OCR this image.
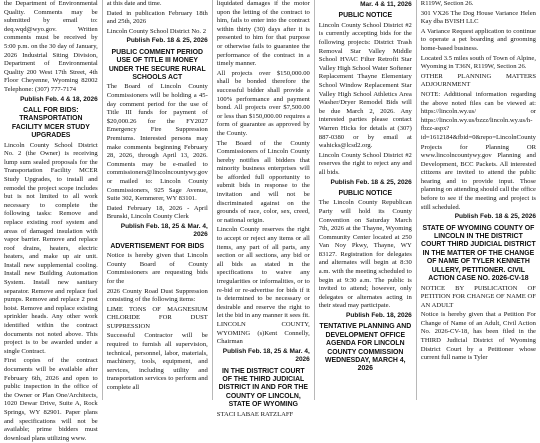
the Department of Environmental Quality. Comments may be submitted by email to: deq.wqd@wyo.gov. Written comments must be received by 5:00 p.m. on the 30 day of January, 2026 Industrial Siting Division, Department of Environmental Quality 200 West 17th Street, 4th Floor Cheyenne, Wyoming 82002 Telephone: (307) 777-7174

Publish Feb. 4 & 18, 2026
CALL FOR BIDS: TRANSPORTATION FACILITY MCER STUDY UPGRADES

Lincoln County School District No. 2 (the Owner) is receiving lump sum sealed proposals for the Transportation Facility MCER Study Upgrades, to install and remodel the project scope includes but is not limited to all work necessary to complete the following tasks: Remove and replace existing roof system and areas of damaged insulation with vapor barrier. Remove and replace roof drains, heaters, electric heaters, and make up air unit. Install new supplemental cooling. Install new Building Automation System. Install new sanitary separator. Remove and replace fuel pumps. Remove and replace 2 post hoist. Remove and replace existing sprinkler heads. Any other work identified within the contract documents not noted above. This project is to be awarded under a single Contract.

First copies of the contract documents will be available after February 6th, 2026 and open to public inspection in the office of the Owner or Plan One/Architects, 1020 Dewar Drive, Suite A, Rock Springs, WY 82901. Paper plans and specifications will not be available; prime bidders must download plans utilizing www.

at this date and time.

Dated in publication February 18th and 25th, 2026

Lincoln County School District No. 2

Publish Feb. 18 & 25, 2026
PUBLIC COMMENT PERIOD USE OF TITLE III MONEY UNDER THE SECURE RURAL SCHOOLS ACT

The Board of Lincoln County Commissioners will be holding a 45-day comment period for the use of Title III funds for payment of $20,000.26 for the FY2027 Emergency Fire Suppression Premiums. Interested persons may make comments beginning February 28, 2026, through April 13, 2026. Comments may be e-mailed to commissioners@lincolncountywy.gov or mailed to: Lincoln County Commissioners, 925 Sage Avenue, Suite 302, Kemmerer, WY 83101.

Dated February 18, 2026 - April Brunski, Lincoln County Clerk

Publish Feb. 18, 25 & Mar. 4, 2026
ADVERTISEMENT FOR BIDS

Notice is hereby given that Lincoln County Board of County Commissioners are requesting bids for the

2026 County Road Dust Suppression consisting of the following items:

LIME TONS OF MAGNESIUM CHLORIDE FOR DUST SUPPRESSION

Successful Contractor will be required to furnish all supervision, technical, personnel, labor, materials, machinery, tools, equipment, and services, including utility and transportation services to perform and complete all

liquidated damages if the motor upon the letting of the contract to him, fails to enter into the contract within thirty (30) days after it is presented to him for that purpose or otherwise fails to guarantee the performance of the contract in a timely manner.

All projects over $150,000.00 shall be bonded therefore the successful bidder shall provide a 100% performance and payment bond. All projects over $7,500.00 or less than $150,000.00 requires a form of guarantee as approved by the County.

The Board of the County Commissioners of Lincoln County hereby notifies all bidders that minority business enterprises will be afforded full opportunity to submit bids in response to the invitation and will not be discriminated against on the grounds of race, color, sex, creed, or national origin.

Lincoln County reserves the right to accept or reject any items or all items, any part of all parts, any section or all sections, any bid or all bids as stated in the specifications to waive any irregularities or informalities, or to re-bid or re-advertise for bids if it is determined to be necessary or desirable and reserve the right to let the bid in any manner it sees fit. LINCOLN COUNTY, WYOMING (s)Kent Connelly, Chairman

Publish Feb. 18, 25 & Mar. 4, 2026
IN THE DISTRICT COURT OF THE THIRD JUDICIAL DISTRICT IN AND FOR THE COUNTY OF LINCOLN, STATE OF WYOMING

STACI LABAE RATZLAFF

Mar. 4 & 11, 2026
PUBLIC NOTICE

Lincoln County School District #2 is currently accepting bids for the following projects: District Trash Removal Star Valley Middle School HVAC Filter Retrofit Star Valley High School Water Softener Replacement Thayne Elementary School Window Replacement Star Valley High School Athletics Area Washer/Dryer Remodel Bids will be due March 2, 2026. Any interested parties please contact Warren Hicks for details at (307) 887-0380 or by email at wahicks@lcsd2.org.

Lincoln County School District #2 reserves the right to reject any and all bids.

Publish Feb. 18 & 25, 2026
PUBLIC NOTICE

The Lincoln County Republican Party will hold its County Convention on Saturday March 7th, 2026 at the Thayne, Wyoming Community Center located at 250 Van Noy Pkwy, Thayne, WY 83127. Registration for delegates and alternates will begin at 8:30 a.m. with the meeting scheduled to begin at 9:30 a.m. The public is invited to attend; however, only delegates or alternates acting in their stead may participate.

Publish Feb. 18, 2026
TENTATIVE PLANNING AND DEVELOPMENT OFFICE AGENDA FOR LINCOLN COUNTY COMMISSION WEDNESDAY, MARCH 4, 2026

R119W, Section 26.

301 VX26 The Dog House Variance Helen Kay dba BVISH LLC

A Variance Request application to continue to operate a pet boarding and grooming home-based business.

Located 3.5 miles south of Town of Alpine, Wyoming in T36N, R119W, Section 26.

OTHER PLANNING MATTERS ADJOURNMENT

NOTE: Additional information regarding the above noted files can be viewed at: https://lincoln.wy.us/ or https://lincoln.wy.us/bzzz/lincoln.wy.us/h-fbzz-aspx?id=1612184&fbid=0&repo=LincolnCounty

Projects for Planning OR www.lincolncountywy.gov Planning and Development, BCC Packets. All interested citizens are invited to attend the public hearing and to provide input. Those planning on attending should call the office before to see if the meeting and project is still scheduled.

Publish Feb. 18 & 25, 2026
STATE OF WYOMING COUNTY OF LINCOLN IN THE DISTRICT COURT THIRD JUDICIAL DISTRICT IN THE MATTER OF THE CHANGE OF NAME OF TYLER KENNETH ULLERY, PETITIONER. CIVIL ACTION CASE NO. 2026-CV-18

NOTICE BY PUBLICATION OF PETITION FOR CHANGE OF NAME OF AN ADULT

Notice is hereby given that a Petition For Change of Name of an Adult, Civil Action No. 2026-CV-18, has been filed in the THIRD Judicial District of Wyoming District Court by a Petitioner whose current full name is Tyler
